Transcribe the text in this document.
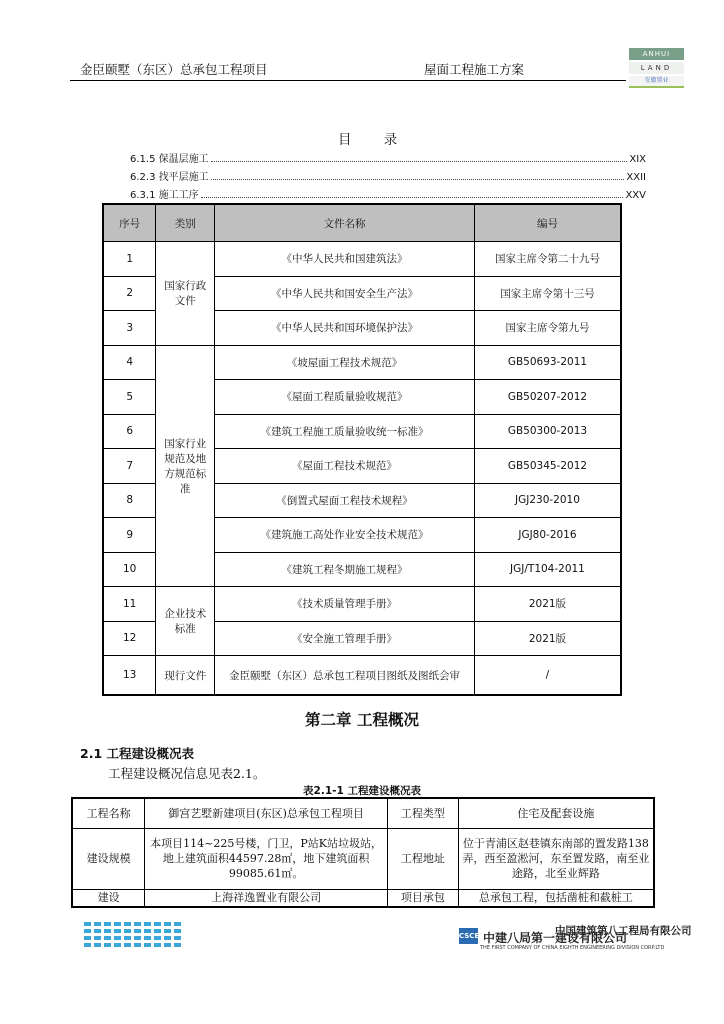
金臣颐墅（东区）总承包工程项目	屋面工程施工方案
ANHUI
LAND
安徽置业
目 录
6.1.5 保温层施工	XIX
6.2.3 找平层施工	XXII
6.3.1 施工工序	XXV
序号	类别	文件名称	编号
1	国家行政文件	《中华人民共和国建筑法》	国家主席令第二十九号
2		《中华人民共和国安全生产法》	国家主席令第十三号
3		《中华人民共和国环境保护法》	国家主席令第九号
4	国家行业规范及地方规范标准	《坡屋面工程技术规范》	GB50693-2011
5		《屋面工程质量验收规范》	GB50207-2012
6		《建筑工程施工质量验收统一标准》	GB50300-2013
7		《屋面工程技术规范》	GB50345-2012
8		《倒置式屋面工程技术规程》	JGJ230-2010
9		《建筑施工高处作业安全技术规范》	JGJ80-2016
10		《建筑工程冬期施工规程》	JGJ/T104-2011
11	企业技术标准	《技术质量管理手册》	2021版
12		《安全施工管理手册》	2021版
13	现行文件	金臣颐墅（东区）总承包工程项目图纸及图纸会审	/
第二章 工程概况
2.1 工程建设概况表
工程建设概况信息见表2.1。
表2.1-1 工程建设概况表
工程名称	御宫艺墅新建项目(东区)总承包工程项目	工程类型	住宅及配套设施
建设规模	本项目114~225号楼，门卫，P站K站垃圾站，地上建筑面积44597.28㎡，地下建筑面积99085.61㎡。	工程地址	位于青浦区赵巷镇东南部的置发路138弄，西至盈淞河，东至置发路，南至业途路，北至业辉路
建设	上海祥逸置业有限公司	项目承包	总承包工程，包括凿桩和截桩工
CSCEC
中建八局第一建设有限公司
中国建筑第八工程局有限公司
THE FIRST COMPANY OF CHINA EIGHTH ENGINEERING DIVISION CORP.LTD
